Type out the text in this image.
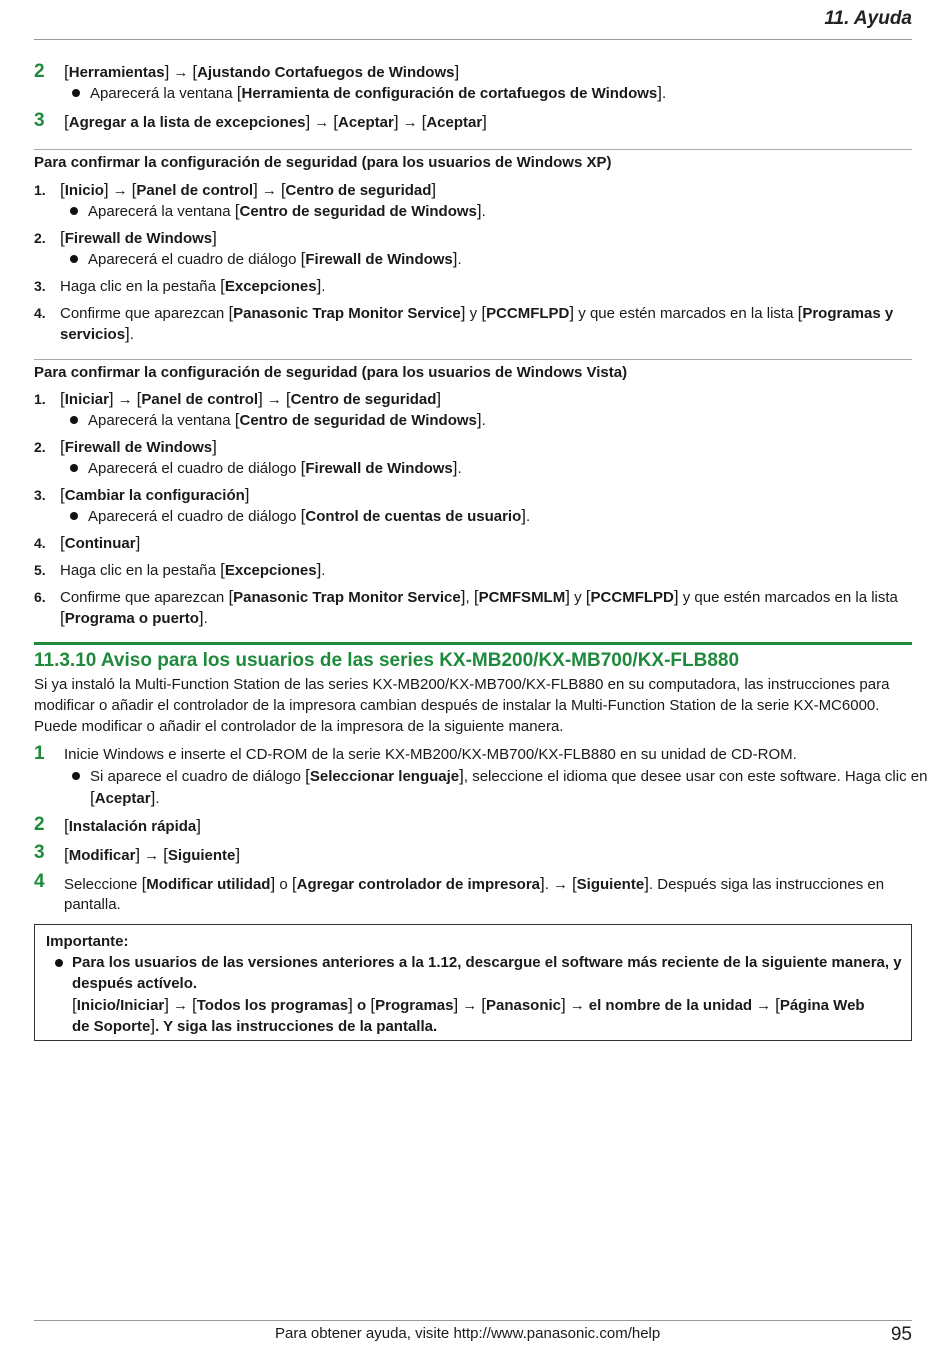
11. Ayuda
2 [Herramientas] → [Ajustando Cortafuegos de Windows]
Aparecerá la ventana [Herramienta de configuración de cortafuegos de Windows].
3 [Agregar a la lista de excepciones] → [Aceptar] → [Aceptar]
Para confirmar la configuración de seguridad (para los usuarios de Windows XP)
1. [Inicio] → [Panel de control] → [Centro de seguridad]
Aparecerá la ventana [Centro de seguridad de Windows].
2. [Firewall de Windows]
Aparecerá el cuadro de diálogo [Firewall de Windows].
3. Haga clic en la pestaña [Excepciones].
4. Confirme que aparezcan [Panasonic Trap Monitor Service] y [PCCMFLPD] y que estén marcados en la lista [Programas y
servicios].
Para confirmar la configuración de seguridad (para los usuarios de Windows Vista)
1. [Iniciar] → [Panel de control] → [Centro de seguridad]
Aparecerá la ventana [Centro de seguridad de Windows].
2. [Firewall de Windows]
Aparecerá el cuadro de diálogo [Firewall de Windows].
3. [Cambiar la configuración]
Aparecerá el cuadro de diálogo [Control de cuentas de usuario].
4. [Continuar]
5. Haga clic en la pestaña [Excepciones].
6. Confirme que aparezcan [Panasonic Trap Monitor Service], [PCMFSMLM] y [PCCMFLPD] y que estén marcados en la lista
[Programa o puerto].
11.3.10 Aviso para los usuarios de las series KX-MB200/KX-MB700/KX-FLB880
Si ya instaló la Multi-Function Station de las series KX-MB200/KX-MB700/KX-FLB880 en su computadora, las instrucciones para
modificar o añadir el controlador de la impresora cambian después de instalar la Multi-Function Station de la serie KX-MC6000.
Puede modificar o añadir el controlador de la impresora de la siguiente manera.
1 Inicie Windows e inserte el CD-ROM de la serie KX-MB200/KX-MB700/KX-FLB880 en su unidad de CD-ROM.
Si aparece el cuadro de diálogo [Seleccionar lenguaje], seleccione el idioma que desee usar con este software. Haga clic en
[Aceptar].
2 [Instalación rápida]
3 [Modificar] → [Siguiente]
4 Seleccione [Modificar utilidad] o [Agregar controlador de impresora]. → [Siguiente]. Después siga las instrucciones en
pantalla.
Importante:
Para los usuarios de las versiones anteriores a la 1.12, descargue el software más reciente de la siguiente manera, y
después actívelo.
[Inicio/Iniciar] → [Todos los programas] o [Programas] → [Panasonic] → el nombre de la unidad → [Página Web
de Soporte]. Y siga las instrucciones de la pantalla.
Para obtener ayuda, visite http://www.panasonic.com/help	95
